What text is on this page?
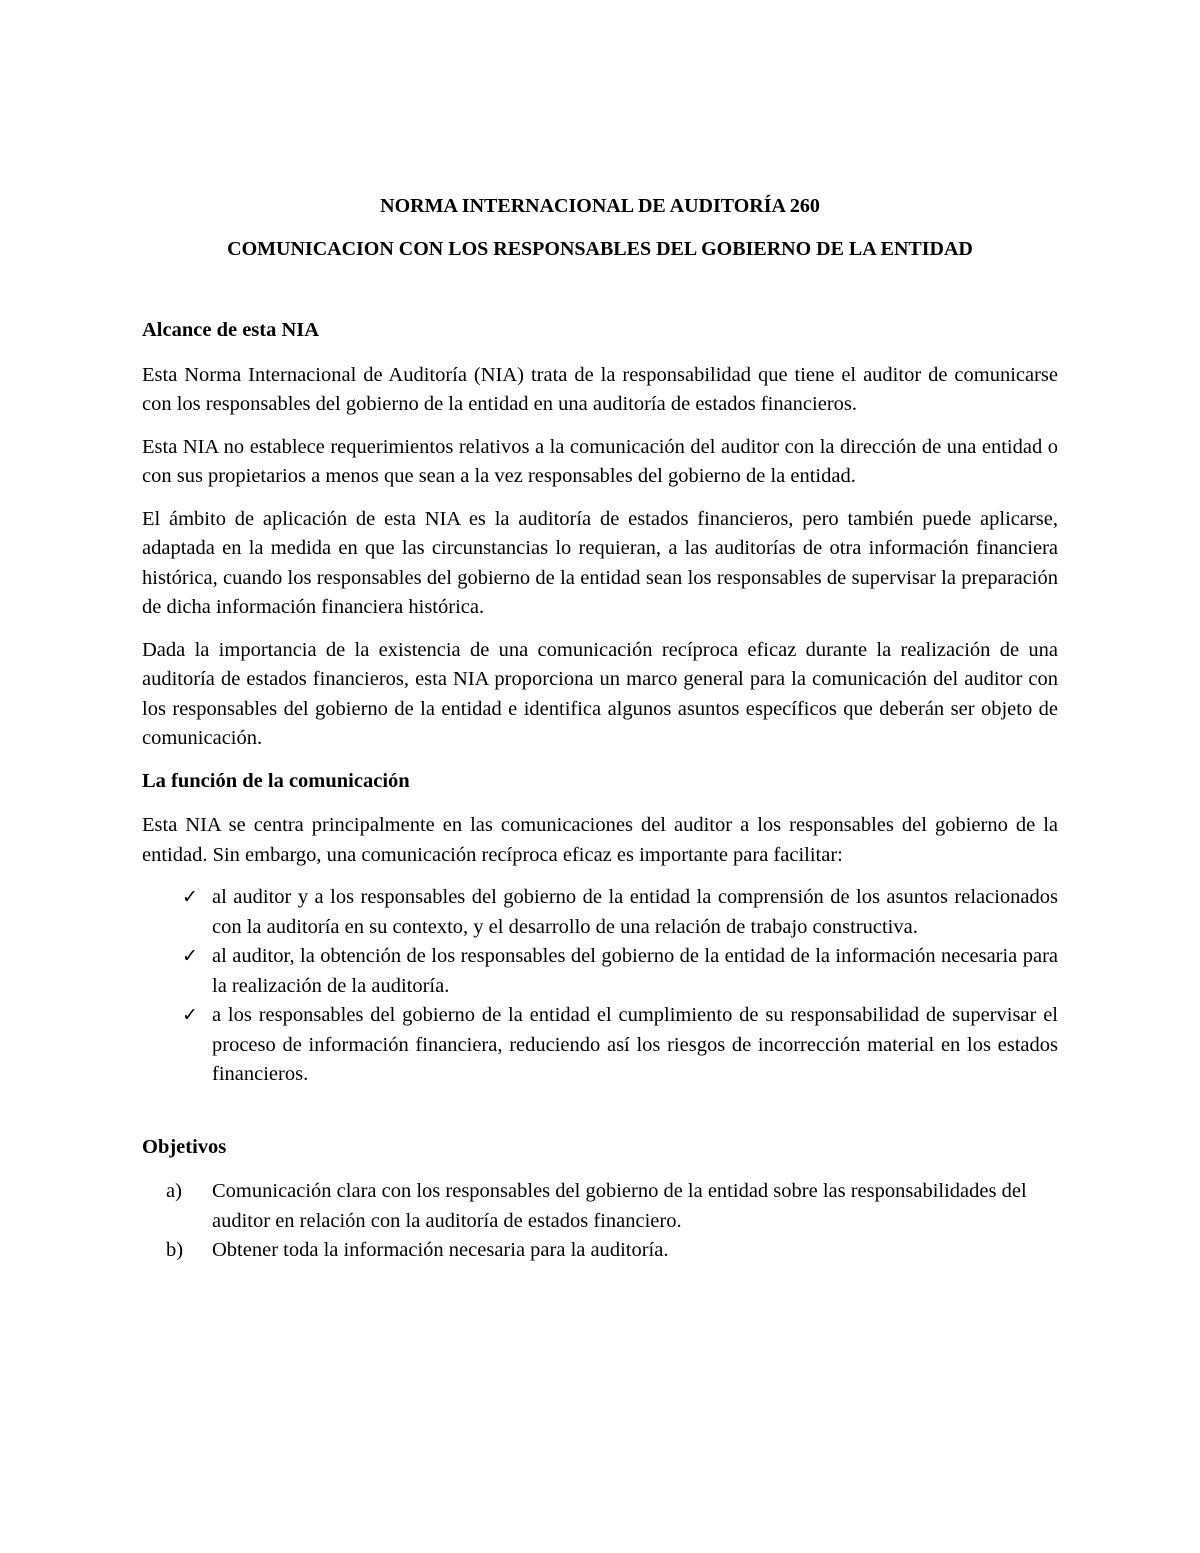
NORMA INTERNACIONAL DE AUDITORÍA 260

COMUNICACION CON LOS RESPONSABLES DEL GOBIERNO DE LA ENTIDAD

Alcance de esta NIA

Esta Norma Internacional de Auditoría (NIA) trata de la responsabilidad que tiene el auditor de comunicarse con los responsables del gobierno de la entidad en una auditoría de estados financieros.

Esta NIA no establece requerimientos relativos a la comunicación del auditor con la dirección de una entidad o con sus propietarios a menos que sean a la vez responsables del gobierno de la entidad.

El ámbito de aplicación de esta NIA es la auditoría de estados financieros, pero también puede aplicarse, adaptada en la medida en que las circunstancias lo requieran, a las auditorías de otra información financiera histórica, cuando los responsables del gobierno de la entidad sean los responsables de supervisar la preparación de dicha información financiera histórica.

Dada la importancia de la existencia de una comunicación recíproca eficaz durante la realización de una auditoría de estados financieros, esta NIA proporciona un marco general para la comunicación del auditor con los responsables del gobierno de la entidad e identifica algunos asuntos específicos que deberán ser objeto de comunicación.

La función de la comunicación

Esta NIA se centra principalmente en las comunicaciones del auditor a los responsables del gobierno de la entidad. Sin embargo, una comunicación recíproca eficaz es importante para facilitar:

✓ al auditor y a los responsables del gobierno de la entidad la comprensión de los asuntos relacionados con la auditoría en su contexto, y el desarrollo de una relación de trabajo constructiva.
✓ al auditor, la obtención de los responsables del gobierno de la entidad de la información necesaria para la realización de la auditoría.
✓ a los responsables del gobierno de la entidad el cumplimiento de su responsabilidad de supervisar el proceso de información financiera, reduciendo así los riesgos de incorrección material en los estados financieros.

Objetivos

a) Comunicación clara con los responsables del gobierno de la entidad sobre las responsabilidades del auditor en relación con la auditoría de estados financiero.
b) Obtener toda la información necesaria para la auditoría.
